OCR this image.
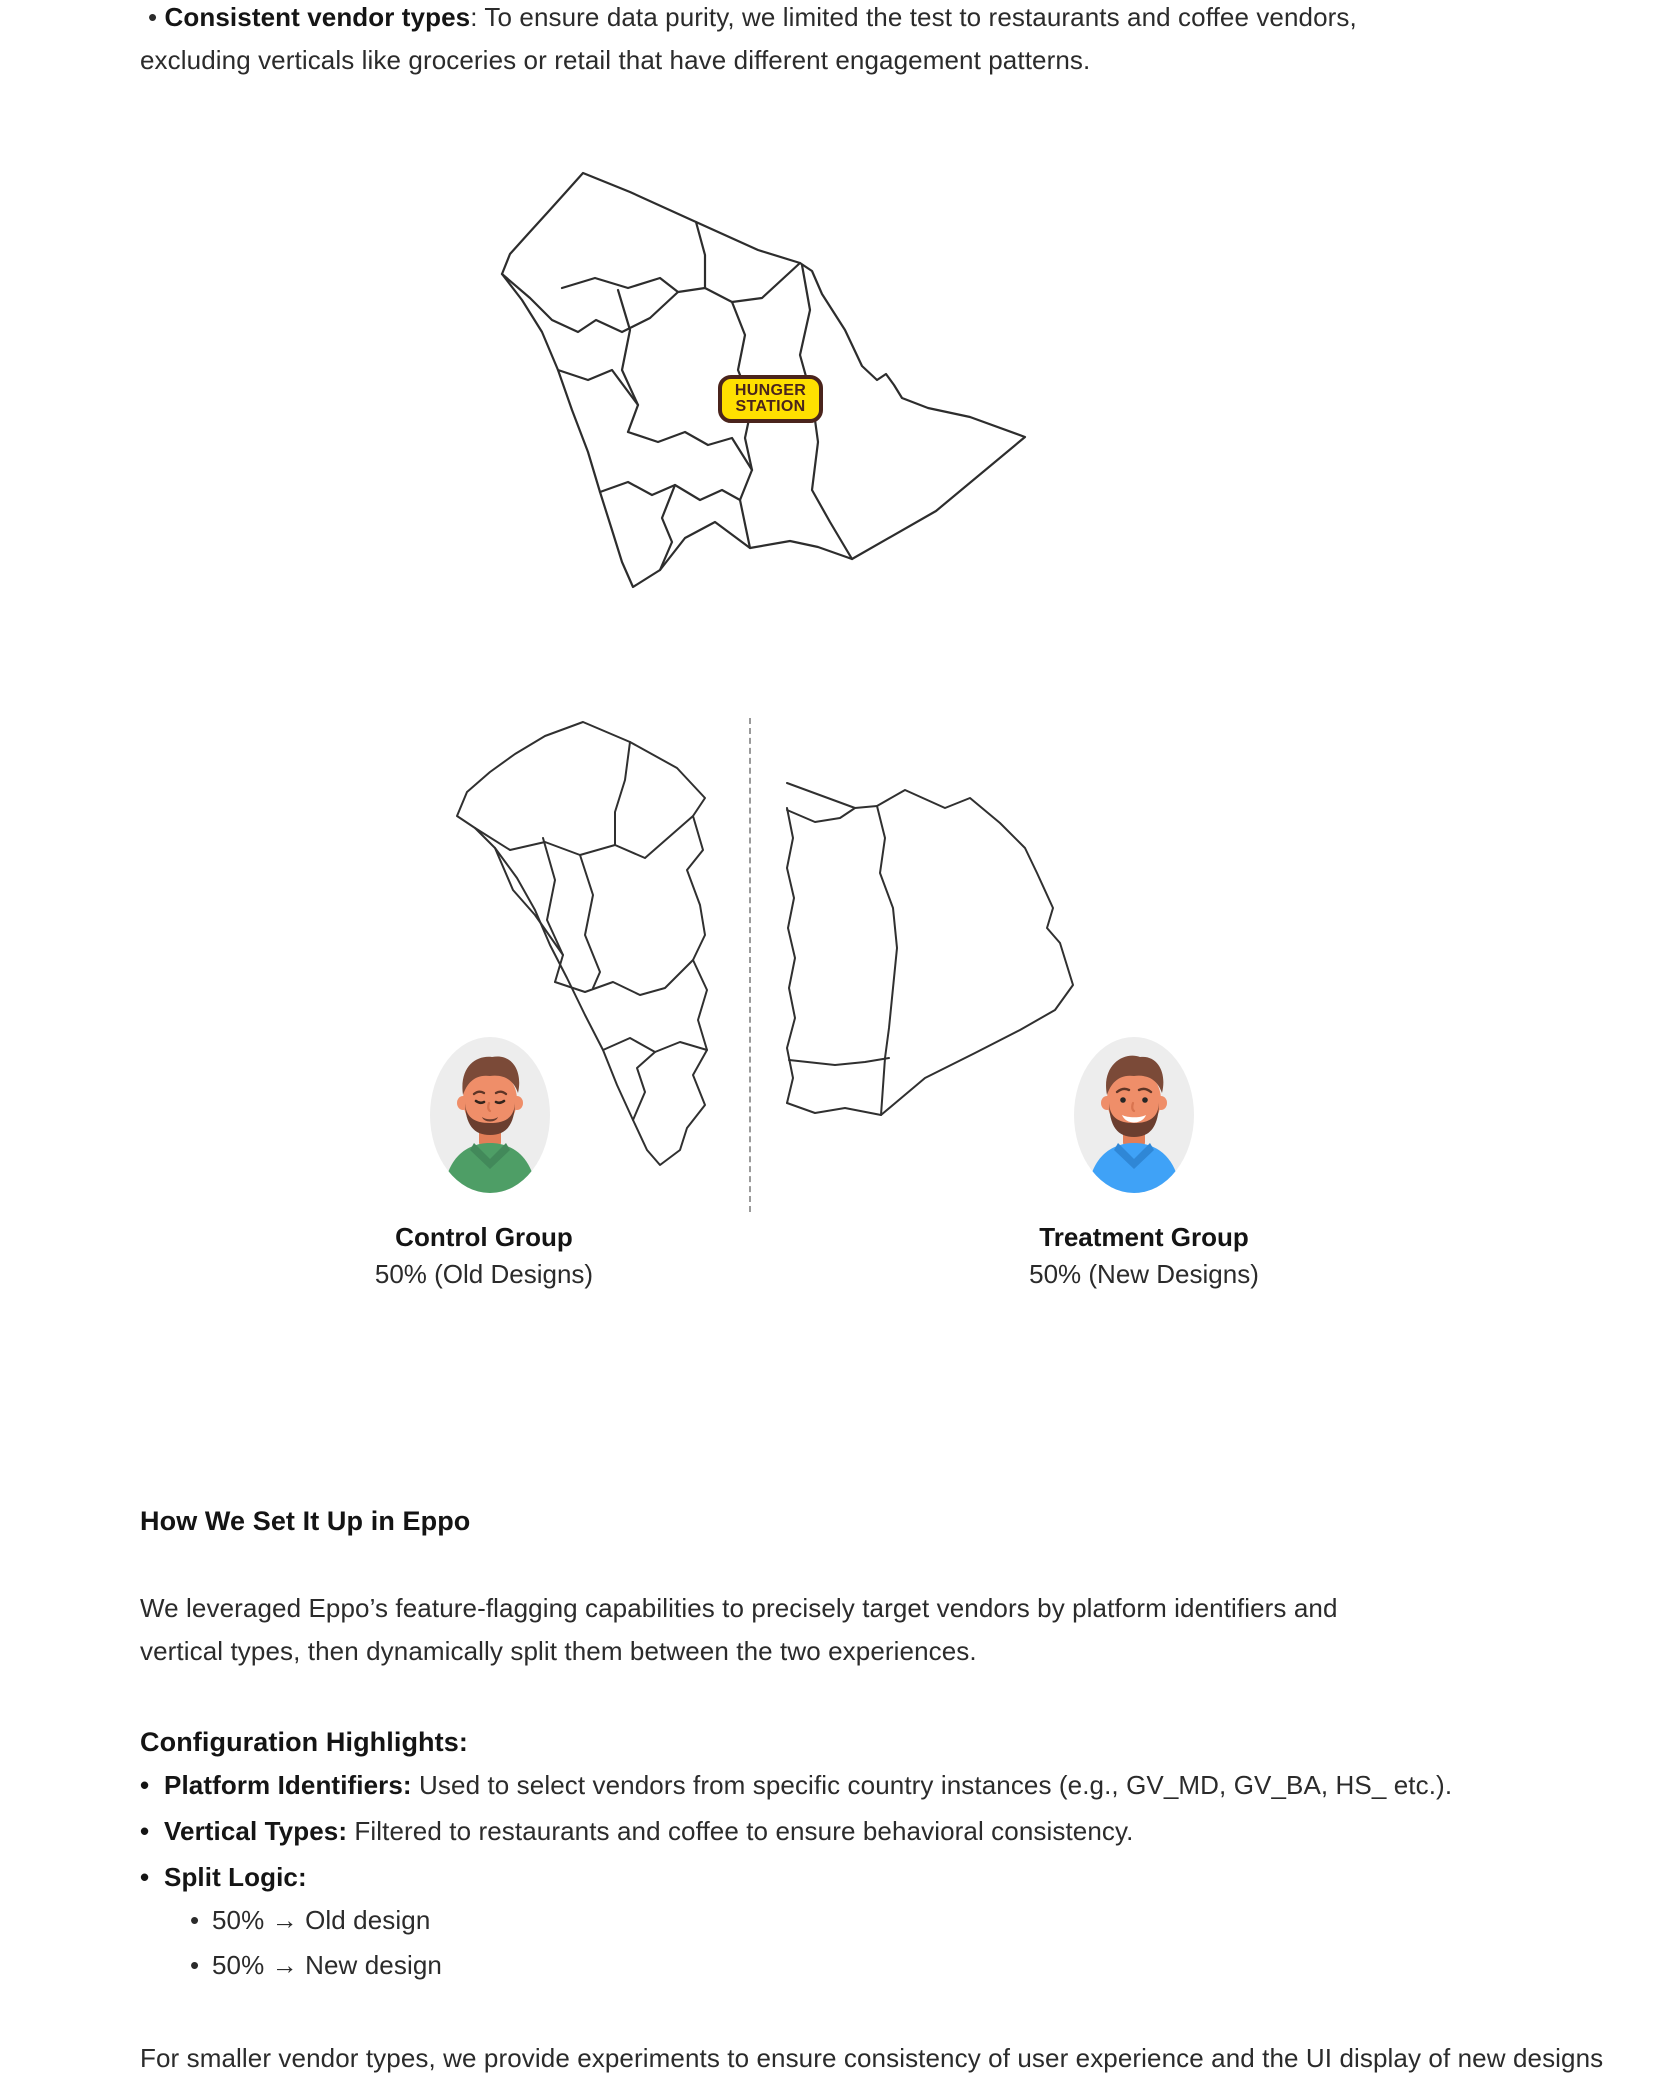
• Consistent vendor types: To ensure data purity, we limited the test to restaurants and coffee vendors,
excluding verticals like groceries or retail that have different engagement patterns.
HUNGER
STATION
Control Group
50% (Old Designs)
Treatment Group
50% (New Designs)
How We Set It Up in Eppo
We leveraged Eppo’s feature-flagging capabilities to precisely target vendors by platform identifiers and
vertical types, then dynamically split them between the two experiences.
Configuration Highlights:
• Platform Identifiers: Used to select vendors from specific country instances (e.g., GV_MD, GV_BA, HS_ etc.).
• Vertical Types: Filtered to restaurants and coffee to ensure behavioral consistency.
• Split Logic:
• 50% → Old design
• 50% → New design
For smaller vendor types, we provide experiments to ensure consistency of user experience and the UI display of new designs
